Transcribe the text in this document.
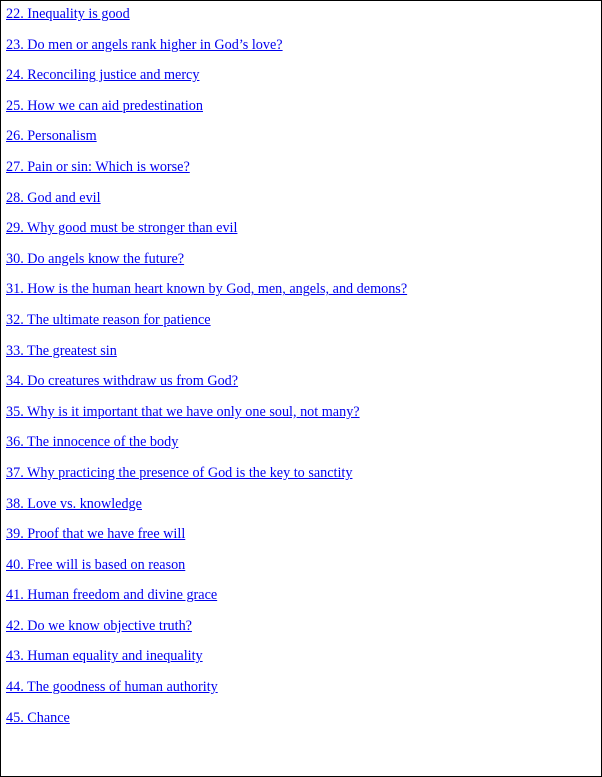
22. Inequality is good
23. Do men or angels rank higher in God’s love?
24. Reconciling justice and mercy
25. How we can aid predestination
26. Personalism
27. Pain or sin: Which is worse?
28. God and evil
29. Why good must be stronger than evil
30. Do angels know the future?
31. How is the human heart known by God, men, angels, and demons?
32. The ultimate reason for patience
33. The greatest sin
34. Do creatures withdraw us from God?
35. Why is it important that we have only one soul, not many?
36. The innocence of the body
37. Why practicing the presence of God is the key to sanctity
38. Love vs. knowledge
39. Proof that we have free will
40. Free will is based on reason
41. Human freedom and divine grace
42. Do we know objective truth?
43. Human equality and inequality
44. The goodness of human authority
45. Chance
